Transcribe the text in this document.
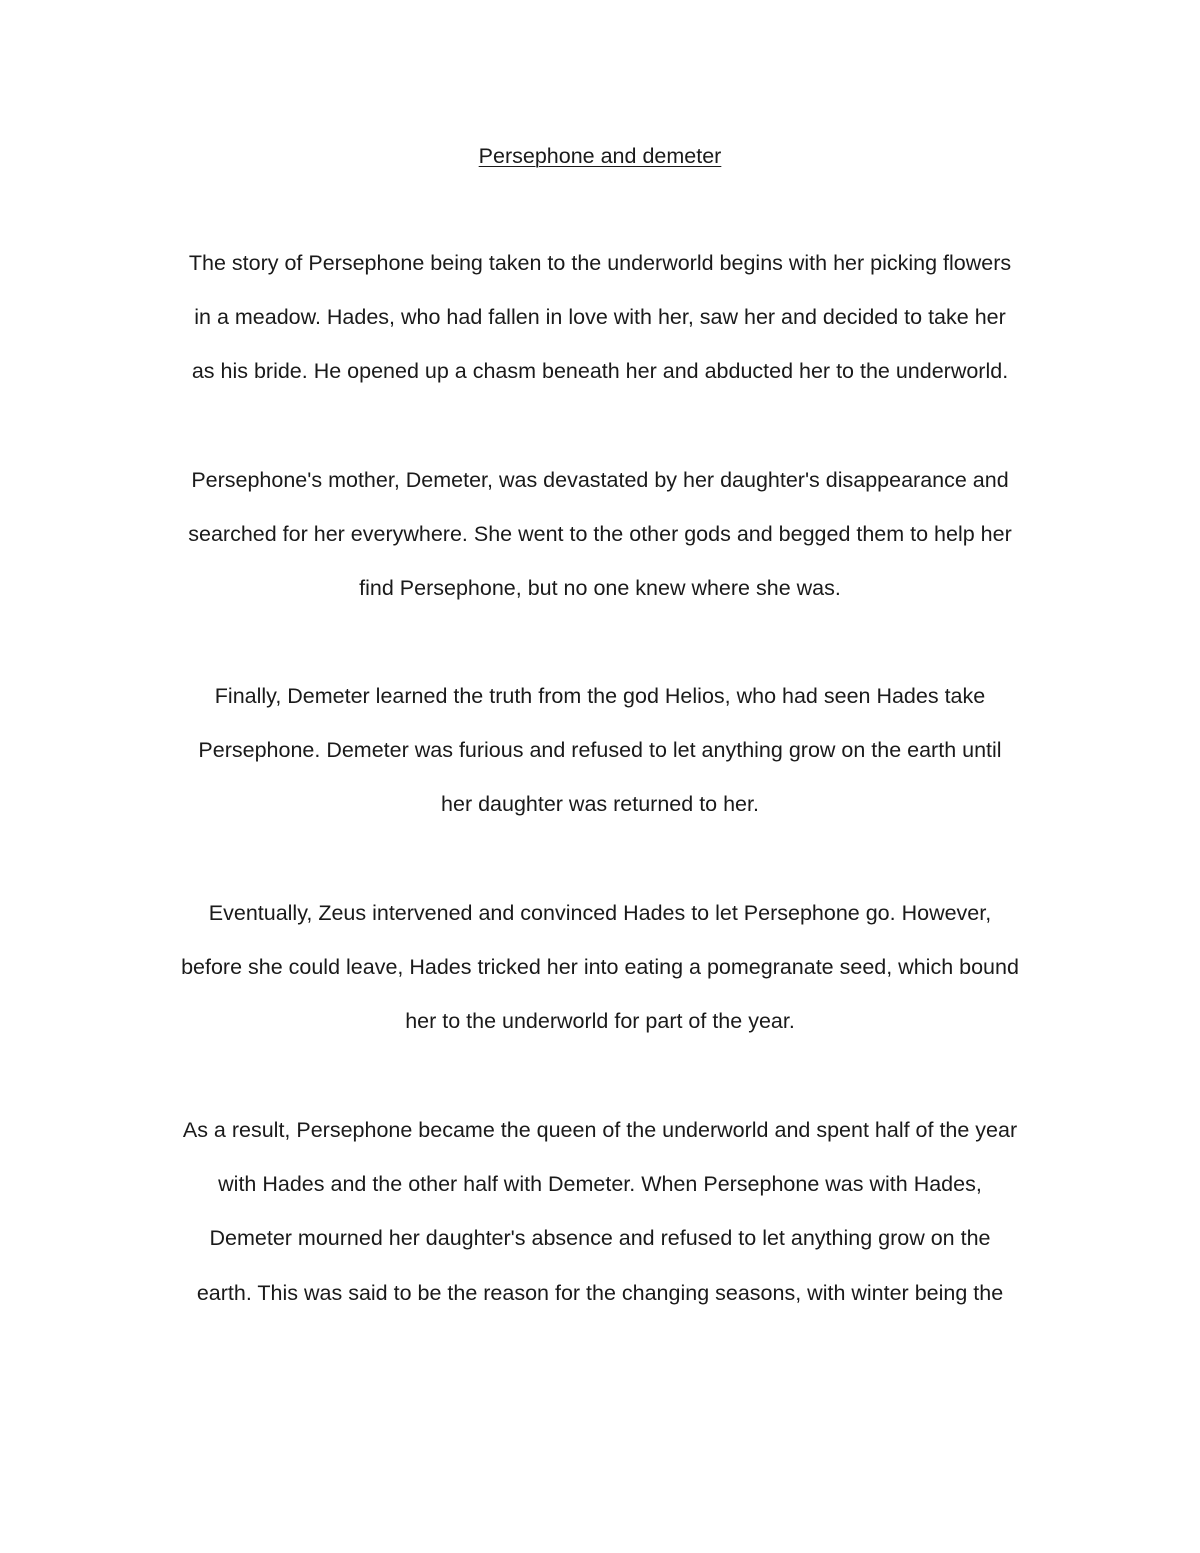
Persephone and demeter

The story of Persephone being taken to the underworld begins with her picking flowers
in a meadow. Hades, who had fallen in love with her, saw her and decided to take her
as his bride. He opened up a chasm beneath her and abducted her to the underworld.

Persephone's mother, Demeter, was devastated by her daughter's disappearance and
searched for her everywhere. She went to the other gods and begged them to help her
find Persephone, but no one knew where she was.

Finally, Demeter learned the truth from the god Helios, who had seen Hades take
Persephone. Demeter was furious and refused to let anything grow on the earth until
her daughter was returned to her.

Eventually, Zeus intervened and convinced Hades to let Persephone go. However,
before she could leave, Hades tricked her into eating a pomegranate seed, which bound
her to the underworld for part of the year.

As a result, Persephone became the queen of the underworld and spent half of the year
with Hades and the other half with Demeter. When Persephone was with Hades,
Demeter mourned her daughter's absence and refused to let anything grow on the
earth. This was said to be the reason for the changing seasons, with winter being the
